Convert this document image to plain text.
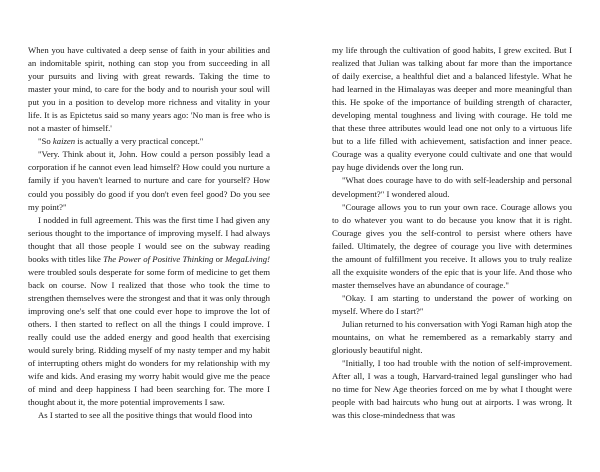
When you have cultivated a deep sense of faith in your abilities and an indomitable spirit, nothing can stop you from succeeding in all your pursuits and living with great rewards. Taking the time to master your mind, to care for the body and to nourish your soul will put you in a position to develop more richness and vitality in your life. It is as Epictetus said so many years ago: 'No man is free who is not a master of himself.'

"So kaizen is actually a very practical concept."

"Very. Think about it, John. How could a person possibly lead a corporation if he cannot even lead himself? How could you nurture a family if you haven't learned to nurture and care for yourself? How could you possibly do good if you don't even feel good? Do you see my point?"

I nodded in full agreement. This was the first time I had given any serious thought to the importance of improving myself. I had always thought that all those people I would see on the subway reading books with titles like The Power of Positive Thinking or MegaLiving! were troubled souls desperate for some form of medicine to get them back on course. Now I realized that those who took the time to strengthen themselves were the strongest and that it was only through improving one's self that one could ever hope to improve the lot of others. I then started to reflect on all the things I could improve. I really could use the added energy and good health that exercising would surely bring. Ridding myself of my nasty temper and my habit of interrupting others might do wonders for my relationship with my wife and kids. And erasing my worry habit would give me the peace of mind and deep happiness I had been searching for. The more I thought about it, the more potential improvements I saw.

As I started to see all the positive things that would flood into

my life through the cultivation of good habits, I grew excited. But I realized that Julian was talking about far more than the importance of daily exercise, a healthful diet and a balanced lifestyle. What he had learned in the Himalayas was deeper and more meaningful than this. He spoke of the importance of building strength of character, developing mental toughness and living with courage. He told me that these three attributes would lead one not only to a virtuous life but to a life filled with achievement, satisfaction and inner peace. Courage was a quality everyone could cultivate and one that would pay huge dividends over the long run.

"What does courage have to do with self-leadership and personal development?" I wondered aloud.

"Courage allows you to run your own race. Courage allows you to do whatever you want to do because you know that it is right. Courage gives you the self-control to persist where others have failed. Ultimately, the degree of courage you live with determines the amount of fulfillment you receive. It allows you to truly realize all the exquisite wonders of the epic that is your life. And those who master themselves have an abundance of courage."

"Okay. I am starting to understand the power of working on myself. Where do I start?"

Julian returned to his conversation with Yogi Raman high atop the mountains, on what he remembered as a remarkably starry and gloriously beautiful night.

"Initially, I too had trouble with the notion of self-improvement. After all, I was a tough, Harvard-trained legal gunslinger who had no time for New Age theories forced on me by what I thought were people with bad haircuts who hung out at airports. I was wrong. It was this close-mindedness that was
